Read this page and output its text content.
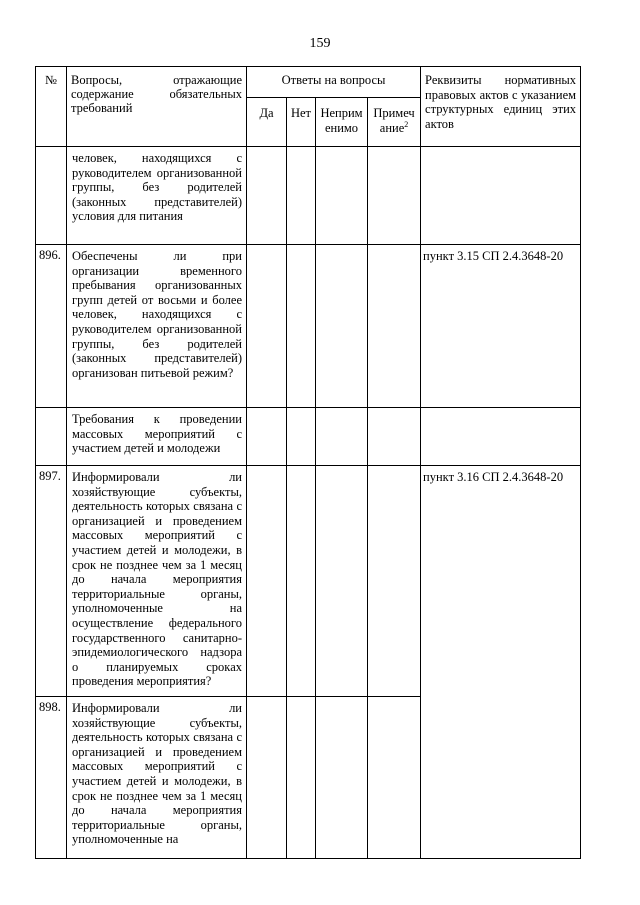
159
№	Вопросы, отражающие содержание обязательных требований	Ответы на вопросы				Реквизиты нормативных правовых актов с указанием структурных единиц этих актов
		Да	Нет	Неприм енимо	Примеч ание$^2$
	человек, находящихся с руководителем организованной группы, без родителей (законных представителей) условия для питания					
896.	Обеспечены ли при организации временного пребывания организованных групп детей от восьми и более человек, находящихся с руководителем организованной группы, без родителей (законных представителей) организован питьевой режим?					пункт 3.15 СП 2.4.3648-20
	Требования к проведении массовых мероприятий с участием детей и молодежи					
897.	Информировали ли хозяйствующие субъекты, деятельность которых связана с организацией и проведением массовых мероприятий с участием детей и молодежи, в срок не позднее чем за 1 месяц до начала мероприятия территориальные органы, уполномоченные на осуществление федерального государственного санитарно-эпидемиологического надзора о планируемых сроках проведения мероприятия?					пункт 3.16 СП 2.4.3648-20
898.	Информировали ли хозяйствующие субъекты, деятельность которых связана с организацией и проведением массовых мероприятий с участием детей и молодежи, в срок не позднее чем за 1 месяц до начала мероприятия территориальные органы, уполномоченные на					
